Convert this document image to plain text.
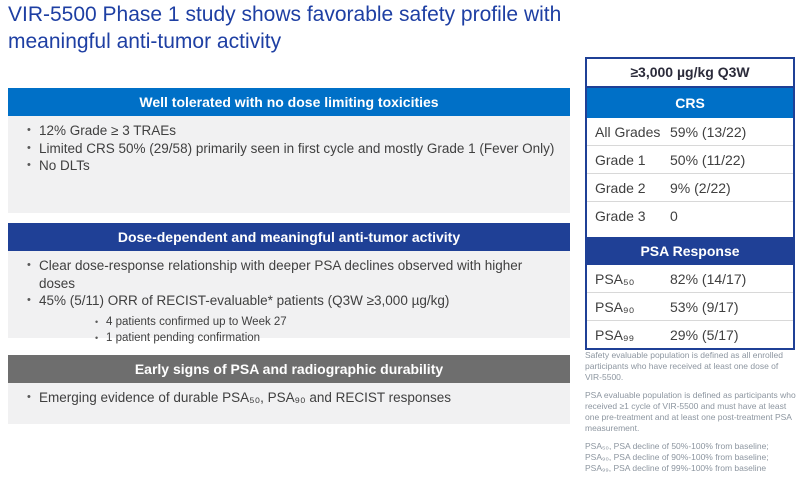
VIR-5500 Phase 1 study shows favorable safety profile with meaningful anti-tumor activity
Well tolerated with no dose limiting toxicities
• 12% Grade ≥ 3 TRAEs
• Limited CRS 50% (29/58) primarily seen in first cycle and mostly Grade 1 (Fever Only)
• No DLTs
Dose-dependent and meaningful anti-tumor activity
• Clear dose-response relationship with deeper PSA declines observed with higher doses
• 45% (5/11) ORR of RECIST-evaluable* patients (Q3W ≥3,000 µg/kg)
• 4 patients confirmed up to Week 27
• 1 patient pending confirmation
Early signs of PSA and radiographic durability
• Emerging evidence of durable PSA₅₀, PSA₉₀ and RECIST responses
≥3,000 µg/kg Q3W
CRS
All Grades 59% (13/22)
Grade 1	50% (11/22)
Grade 2	9% (2/22)
Grade 3	0
PSA Response
PSA₅₀	82% (14/17)
PSA₉₀	53% (9/17)
PSA₉₉	29% (5/17)

Safety evaluable population is defined as all enrolled participants who have received at least one dose of VIR-5500.

PSA evaluable population is defined as participants who received ≥1 cycle of VIR-5500 and must have at least one pre-treatment and at least one post-treatment PSA measurement.

PSA₅₀, PSA decline of 50%-100% from baseline;
PSA₉₀, PSA decline of 90%-100% from baseline;
PSA₉₉, PSA decline of 99%-100% from baseline
